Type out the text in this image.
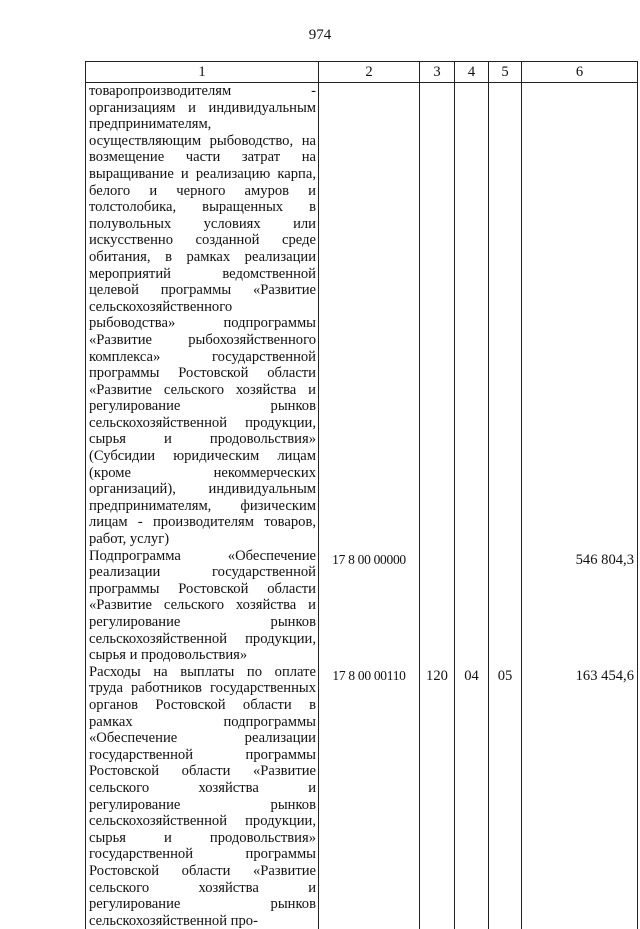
974
1	2	3	4	5	6
товаропроизводителям - организациям и индивидуальным предпринимателям, осуществляющим рыбоводство, на возмещение части затрат на выращивание и реализацию карпа, белого и черного амуров и толстолобика, выращенных в полувольных условиях или искусственно созданной среде обитания, в рамках реализации мероприятий ведомственной целевой программы «Развитие сельскохозяйственного рыбоводства» подпрограммы «Развитие рыбохозяйственного комплекса» государственной программы Ростовской области «Развитие сельского хозяйства и регулирование рынков сельскохозяйственной продукции, сырья и продовольствия» (Субсидии юридическим лицам (кроме некоммерческих организаций), индивидуальным предпринимателям, физическим лицам - производителям товаров, работ, услуг)					
Подпрограмма «Обеспечение реализации государственной программы Ростовской области «Развитие сельского хозяйства и регулирование рынков сельскохозяйственной продукции, сырья и продовольствия»	17 8 00 00000				546 804,3
Расходы на выплаты по оплате труда работников государственных органов Ростовской области в рамках подпрограммы «Обеспечение реализации государственной программы Ростовской области «Развитие сельского хозяйства и регулирование рынков сельскохозяйственной продукции, сырья и продовольствия» государственной программы Ростовской области «Развитие сельского хозяйства и регулирование рынков сельскохозяйственной про-	17 8 00 00110	120	04	05	163 454,6
